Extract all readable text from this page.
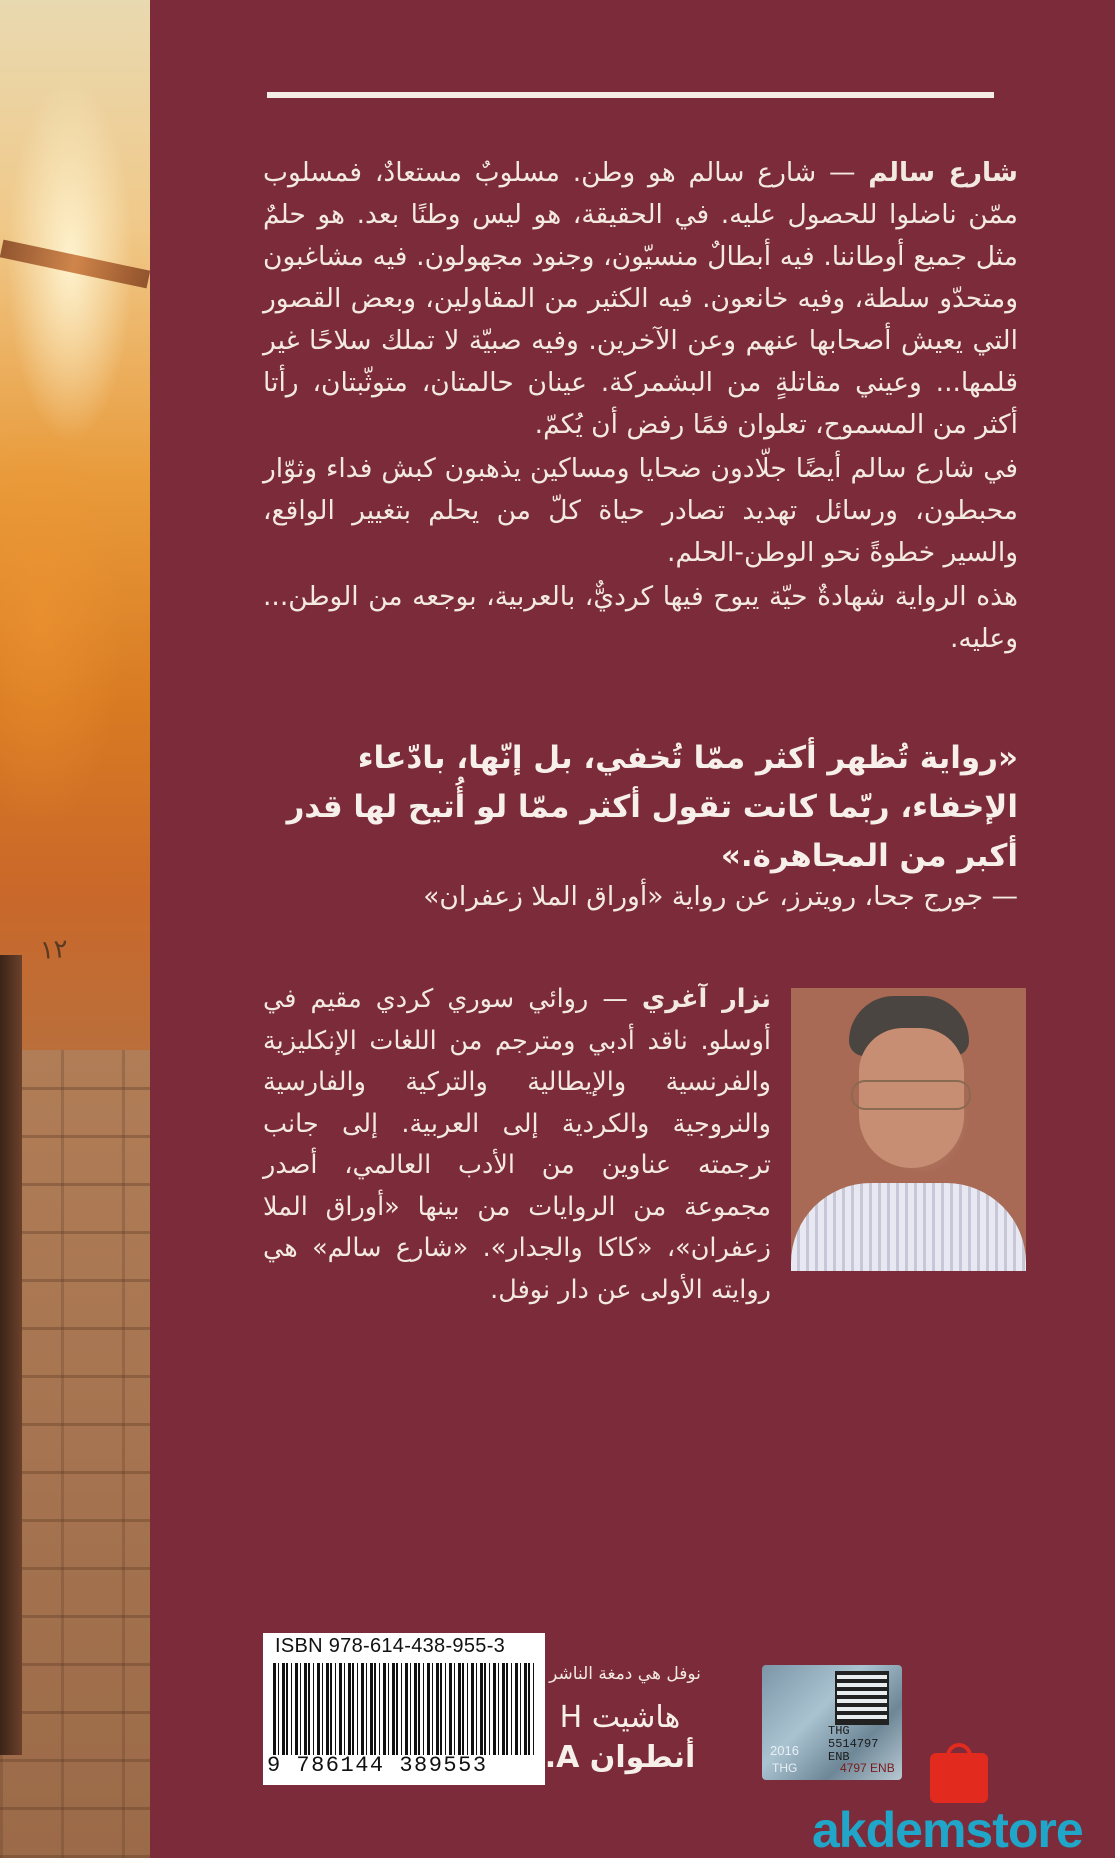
١٢

شارع سالم — شارع سالم هو وطن. مسلوبٌ مستعادٌ، فمسلوب ممّن ناضلوا للحصول عليه. في الحقيقة، هو ليس وطنًا بعد. هو حلمٌ مثل جميع أوطاننا. فيه أبطالٌ منسيّون، وجنود مجهولون. فيه مشاغبون ومتحدّو سلطة، وفيه خانعون. فيه الكثير من المقاولين، وبعض القصور التي يعيش أصحابها عنهم وعن الآخرين. وفيه صبيّة لا تملك سلاحًا غير قلمها... وعيني مقاتلةٍ من البشمركة. عينان حالمتان، متوثّبتان، رأتا أكثر من المسموح، تعلوان فمًا رفض أن يُكمّ.

في شارع سالم أيضًا جلّادون ضحايا ومساكين يذهبون كبش فداء وثوّار محبطون، ورسائل تهديد تصادر حياة كلّ من يحلم بتغيير الواقع، والسير خطوةً نحو الوطن-الحلم.

هذه الرواية شهادةٌ حيّة يبوح فيها كرديٌّ، بالعربية، بوجعه من الوطن... وعليه.

«رواية تُظهر أكثر ممّا تُخفي، بل إنّها، بادّعاء الإخفاء، ربّما كانت تقول أكثر ممّا لو أُتيح لها قدر أكبر من المجاهرة.»
— جورج جحا، رويترز، عن رواية «أوراق الملا زعفران»
نزار آغري — روائي سوري كردي مقيم في أوسلو. ناقد أدبي ومترجم من اللغات الإنكليزية والفرنسية والإيطالية والتركية والفارسية والنروجية والكردية إلى العربية. إلى جانب ترجمته عناوين من الأدب العالمي، أصدر مجموعة من الروايات من بينها «أوراق الملا زعفران»، «كاكا والجدار». «شارع سالم» هي روايته الأولى عن دار نوفل.
ISBN 978-614-438-955-3
9 786144 389553
نوفل هي دمغة الناشر
هاشيت H
أنطوان A.
THG 5514797 ENB
2016
THG	4797 ENB
akdemstore
